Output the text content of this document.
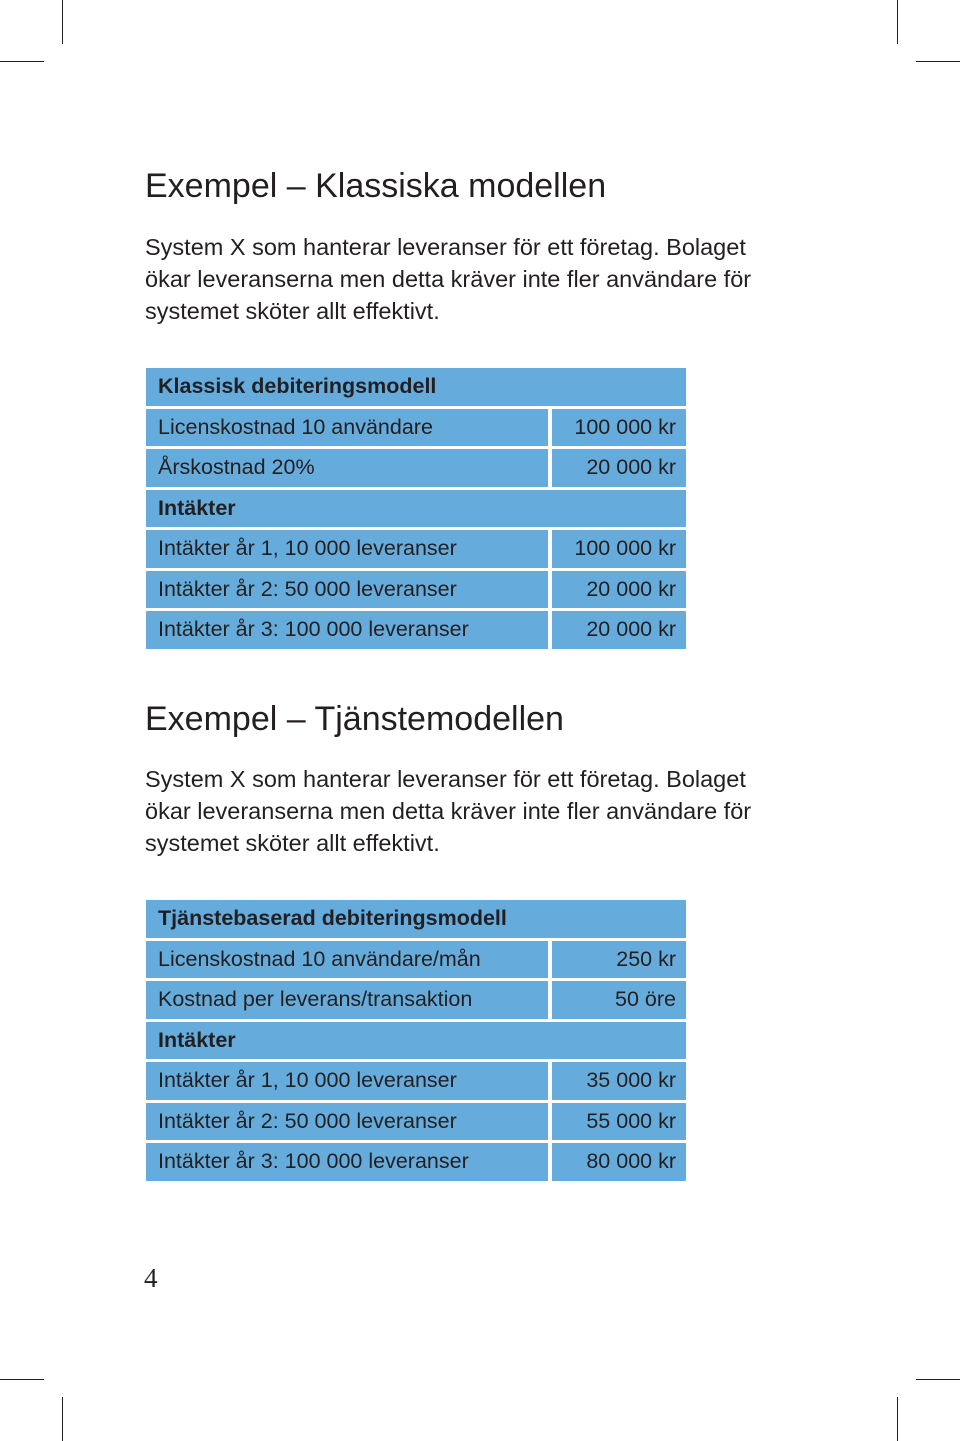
Exempel – Klassiska modellen

System X som hanterar leveranser för ett företag. Bolaget
ökar leveranserna men detta kräver inte fler användare för
systemet sköter allt effektivt.

Klassisk debiteringsmodell
Licenskostnad 10 användare	100 000 kr
Årskostnad 20%	20 000 kr
Intäkter
Intäkter år 1, 10 000 leveranser	100 000 kr
Intäkter år 2: 50 000 leveranser	20 000 kr
Intäkter år 3: 100 000 leveranser	20 000 kr
Exempel – Tjänstemodellen

System X som hanterar leveranser för ett företag. Bolaget
ökar leveranserna men detta kräver inte fler användare för
systemet sköter allt effektivt.

Tjänstebaserad debiteringsmodell
Licenskostnad 10 användare/mån	250 kr
Kostnad per leverans/transaktion	50 öre
Intäkter
Intäkter år 1, 10 000 leveranser	35 000 kr
Intäkter år 2: 50 000 leveranser	55 000 kr
Intäkter år 3: 100 000 leveranser	80 000 kr
4
